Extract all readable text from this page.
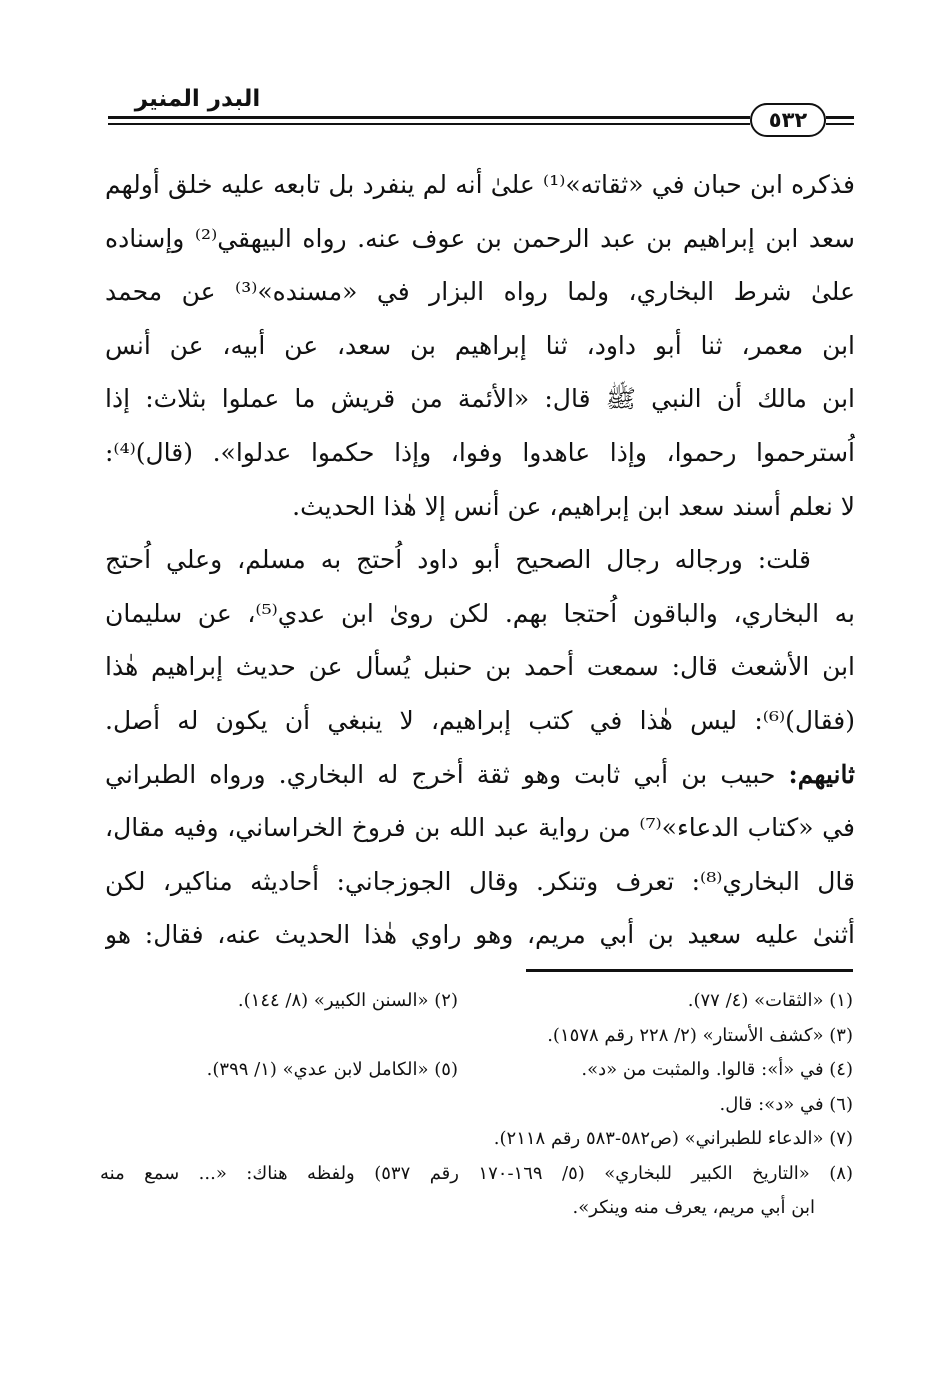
البدر المنير
٥٣٢
فذكره ابن حبان في «ثقاته»⁽¹⁾ علىٰ أنه لم ينفرد بل تابعه عليه خلق أولهم
سعد ابن إبراهيم بن عبد الرحمن بن عوف عنه. رواه البيهقي⁽²⁾ وإسناده
علىٰ شرط البخاري، ولما رواه البزار في «مسنده»⁽³⁾ عن محمد
ابن معمر، ثنا أبو داود، ثنا إبراهيم بن سعد، عن أبيه، عن أنس
ابن مالك أن النبي ﷺ قال: «الأئمة من قريش ما عملوا بثلاث: إذا
اُسترحموا رحموا، وإذا عاهدوا وفوا، وإذا حكموا عدلوا». (قال)⁽⁴⁾:
لا نعلم أسند سعد ابن إبراهيم، عن أنس إلا هٰذا الحديث.
قلت: ورجاله رجال الصحيح أبو داود اُحتج به مسلم، وعلي اُحتج
به البخاري، والباقون اُحتجا بهم. لكن روىٰ ابن عدي⁽⁵⁾، عن سليمان
ابن الأشعث قال: سمعت أحمد بن حنبل يُسأل عن حديث إبراهيم هٰذا
(فقال)⁽⁶⁾: ليس هٰذا في كتب إبراهيم، لا ينبغي أن يكون له أصل.
ثانيهم: حبيب بن أبي ثابت وهو ثقة أخرج له البخاري. ورواه الطبراني
في «كتاب الدعاء»⁽⁷⁾ من رواية عبد الله بن فروخ الخراساني، وفيه مقال،
قال البخاري⁽⁸⁾: تعرف وتنكر. وقال الجوزجاني: أحاديثه مناكير، لكن
أثنىٰ عليه سعيد بن أبي مريم، وهو راوي هٰذا الحديث عنه، فقال: هو
(١) «الثقات» (٤/ ٧٧).(٢) «السنن الكبير» (٨/ ١٤٤).
(٣) «كشف الأستار» (٢/ ٢٢٨ رقم ١٥٧٨).
(٤) في «أ»: قالوا. والمثبت من «د».(٥) «الكامل لابن عدي» (١/ ٣٩٩).
(٦) في «د»: قال.
(٧) «الدعاء للطبراني» (ص٥٨٢-٥٨٣ رقم ٢١١٨).
(٨) «التاريخ الكبير للبخاري» (٥/ ١٦٩-١٧٠ رقم ٥٣٧) ولفظه هناك: «... سمع منه
ابن أبي مريم، يعرف منه وينكر».
